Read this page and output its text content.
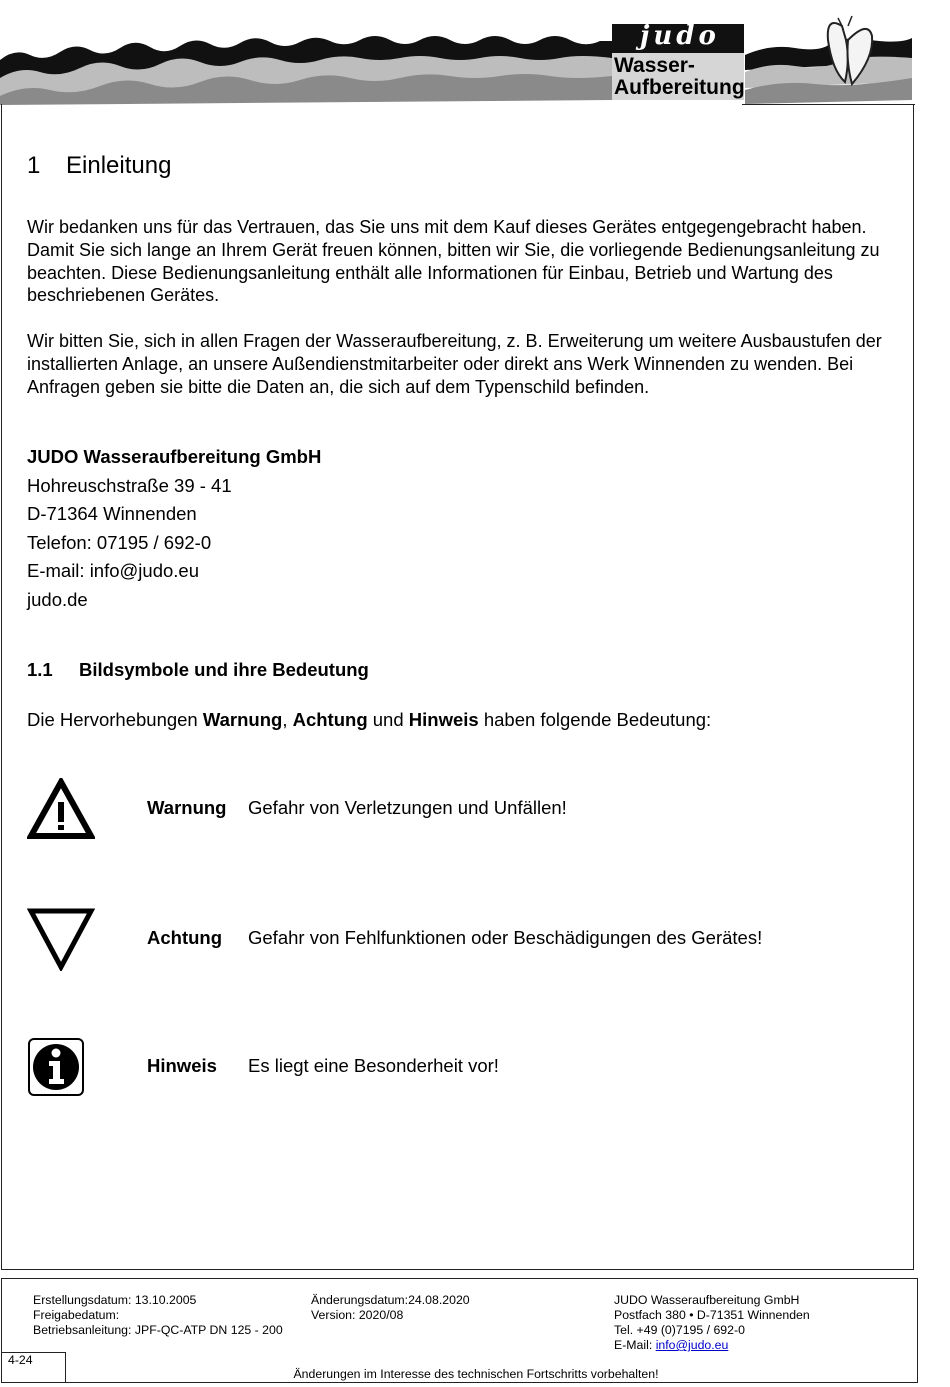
judo
Wasser-
Aufbereitung
1 Einleitung

Wir bedanken uns für das Vertrauen, das Sie uns mit dem Kauf dieses Gerätes entgegengebracht haben. Damit Sie sich lange an Ihrem Gerät freuen können, bitten wir Sie, die vorliegende Bedienungsanleitung zu beachten. Diese Bedienungsanleitung enthält alle Informationen für Einbau, Betrieb und Wartung des beschriebenen Gerätes.

Wir bitten Sie, sich in allen Fragen der Wasseraufbereitung, z. B. Erweiterung um weitere Ausbaustufen der installierten Anlage, an unsere Außendienstmitarbeiter oder direkt ans Werk Winnenden zu wenden. Bei Anfragen geben sie bitte die Daten an, die sich auf dem Typenschild befinden.

JUDO Wasseraufbereitung GmbH
Hohreuschstraße 39 - 41
D-71364 Winnenden
Telefon: 07195 / 692-0
E-mail: info@judo.eu
judo.de
1.1 Bildsymbole und ihre Bedeutung
Die Hervorhebungen Warnung, Achtung und Hinweis haben folgende Bedeutung:
Warnung Gefahr von Verletzungen und Unfällen!
Achtung Gefahr von Fehlfunktionen oder Beschädigungen des Gerätes!
Hinweis Es liegt eine Besonderheit vor!
Erstellungsdatum: 13.10.2005
Freigabedatum:
Betriebsanleitung: JPF-QC-ATP DN 125 - 200
Änderungsdatum:24.08.2020
Version: 2020/08
JUDO Wasseraufbereitung GmbH
Postfach 380 • D-71351 Winnenden
Tel. +49 (0)7195 / 692-0
E-Mail: info@judo.eu
4-24
Änderungen im Interesse des technischen Fortschritts vorbehalten!
